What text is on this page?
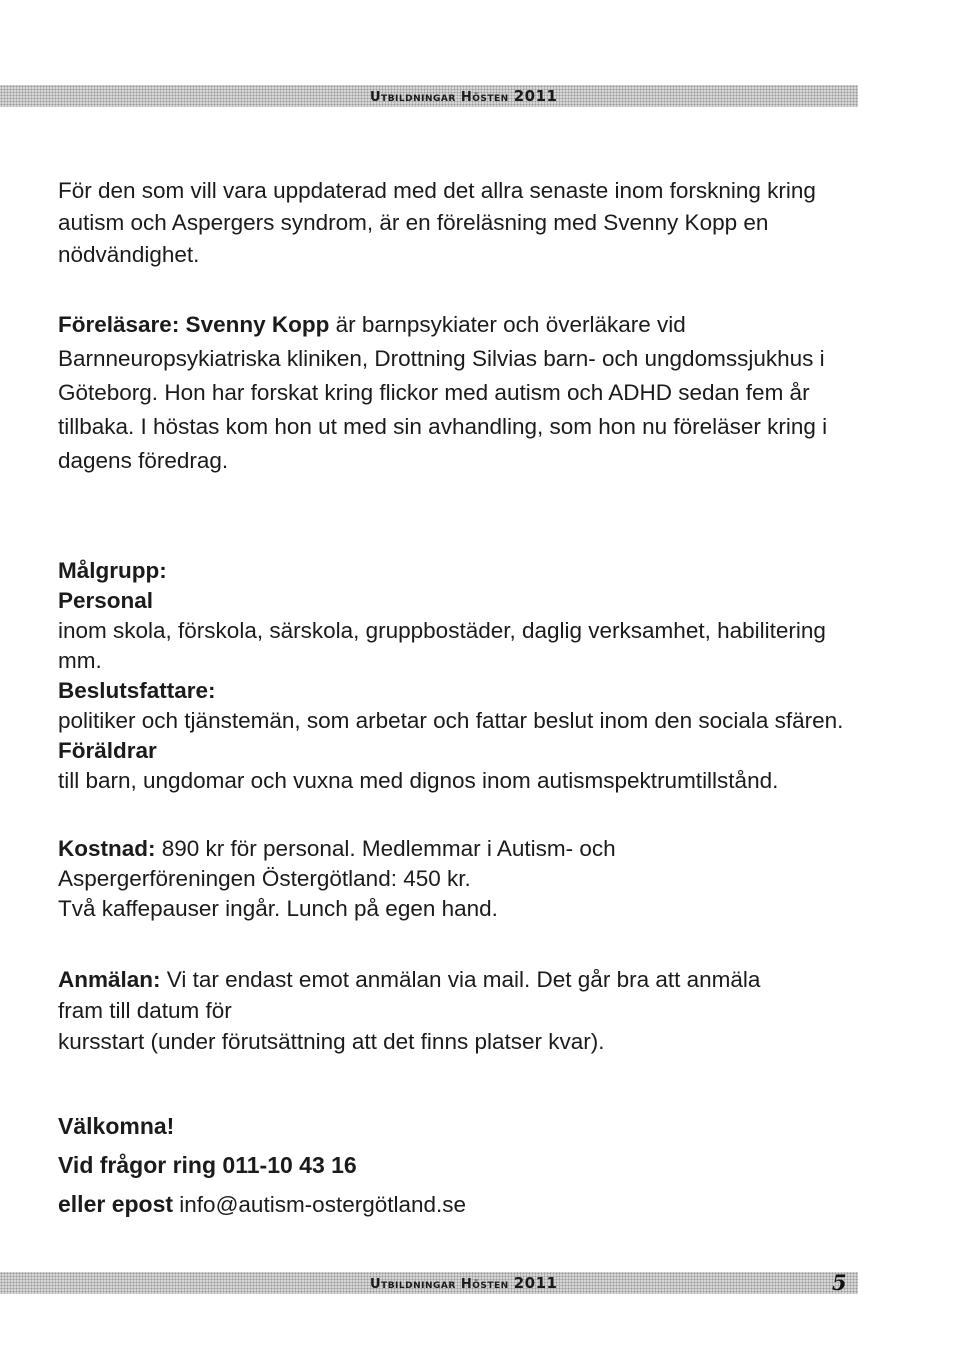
Utbildningar Hösten 2011

För den som vill vara uppdaterad med det allra senaste inom forskning kring autism och Aspergers syndrom, är en föreläsning med Svenny Kopp en nödvändighet.

Föreläsare: Svenny Kopp är barnpsykiater och överläkare vid Barnneuropsykiatriska kliniken, Drottning Silvias barn- och ungdomssjukhus i Göteborg. Hon har forskat kring flickor med autism och ADHD sedan fem år tillbaka. I höstas kom hon ut med sin avhandling, som hon nu föreläser kring i dagens föredrag.

Målgrupp:
Personal
inom skola, förskola, särskola, gruppbostäder, daglig verksamhet, habilitering mm.
Beslutsfattare:
politiker och tjänstemän, som arbetar och fattar beslut inom den sociala sfären.
Föräldrar
till barn, ungdomar och vuxna med dignos inom autismspektrumtillstånd.

Kostnad: 890 kr för personal. Medlemmar i Autism- och
Aspergerföreningen Östergötland: 450 kr.
Två kaffepauser ingår. Lunch på egen hand.

Anmälan: Vi tar endast emot anmälan via mail. Det går bra att anmäla
fram till datum för
kursstart (under förutsättning att det finns platser kvar).

Välkomna!
Vid frågor ring 011-10 43 16
eller epost info@autism-ostergötland.se

Utbildningar Hösten 2011	5
